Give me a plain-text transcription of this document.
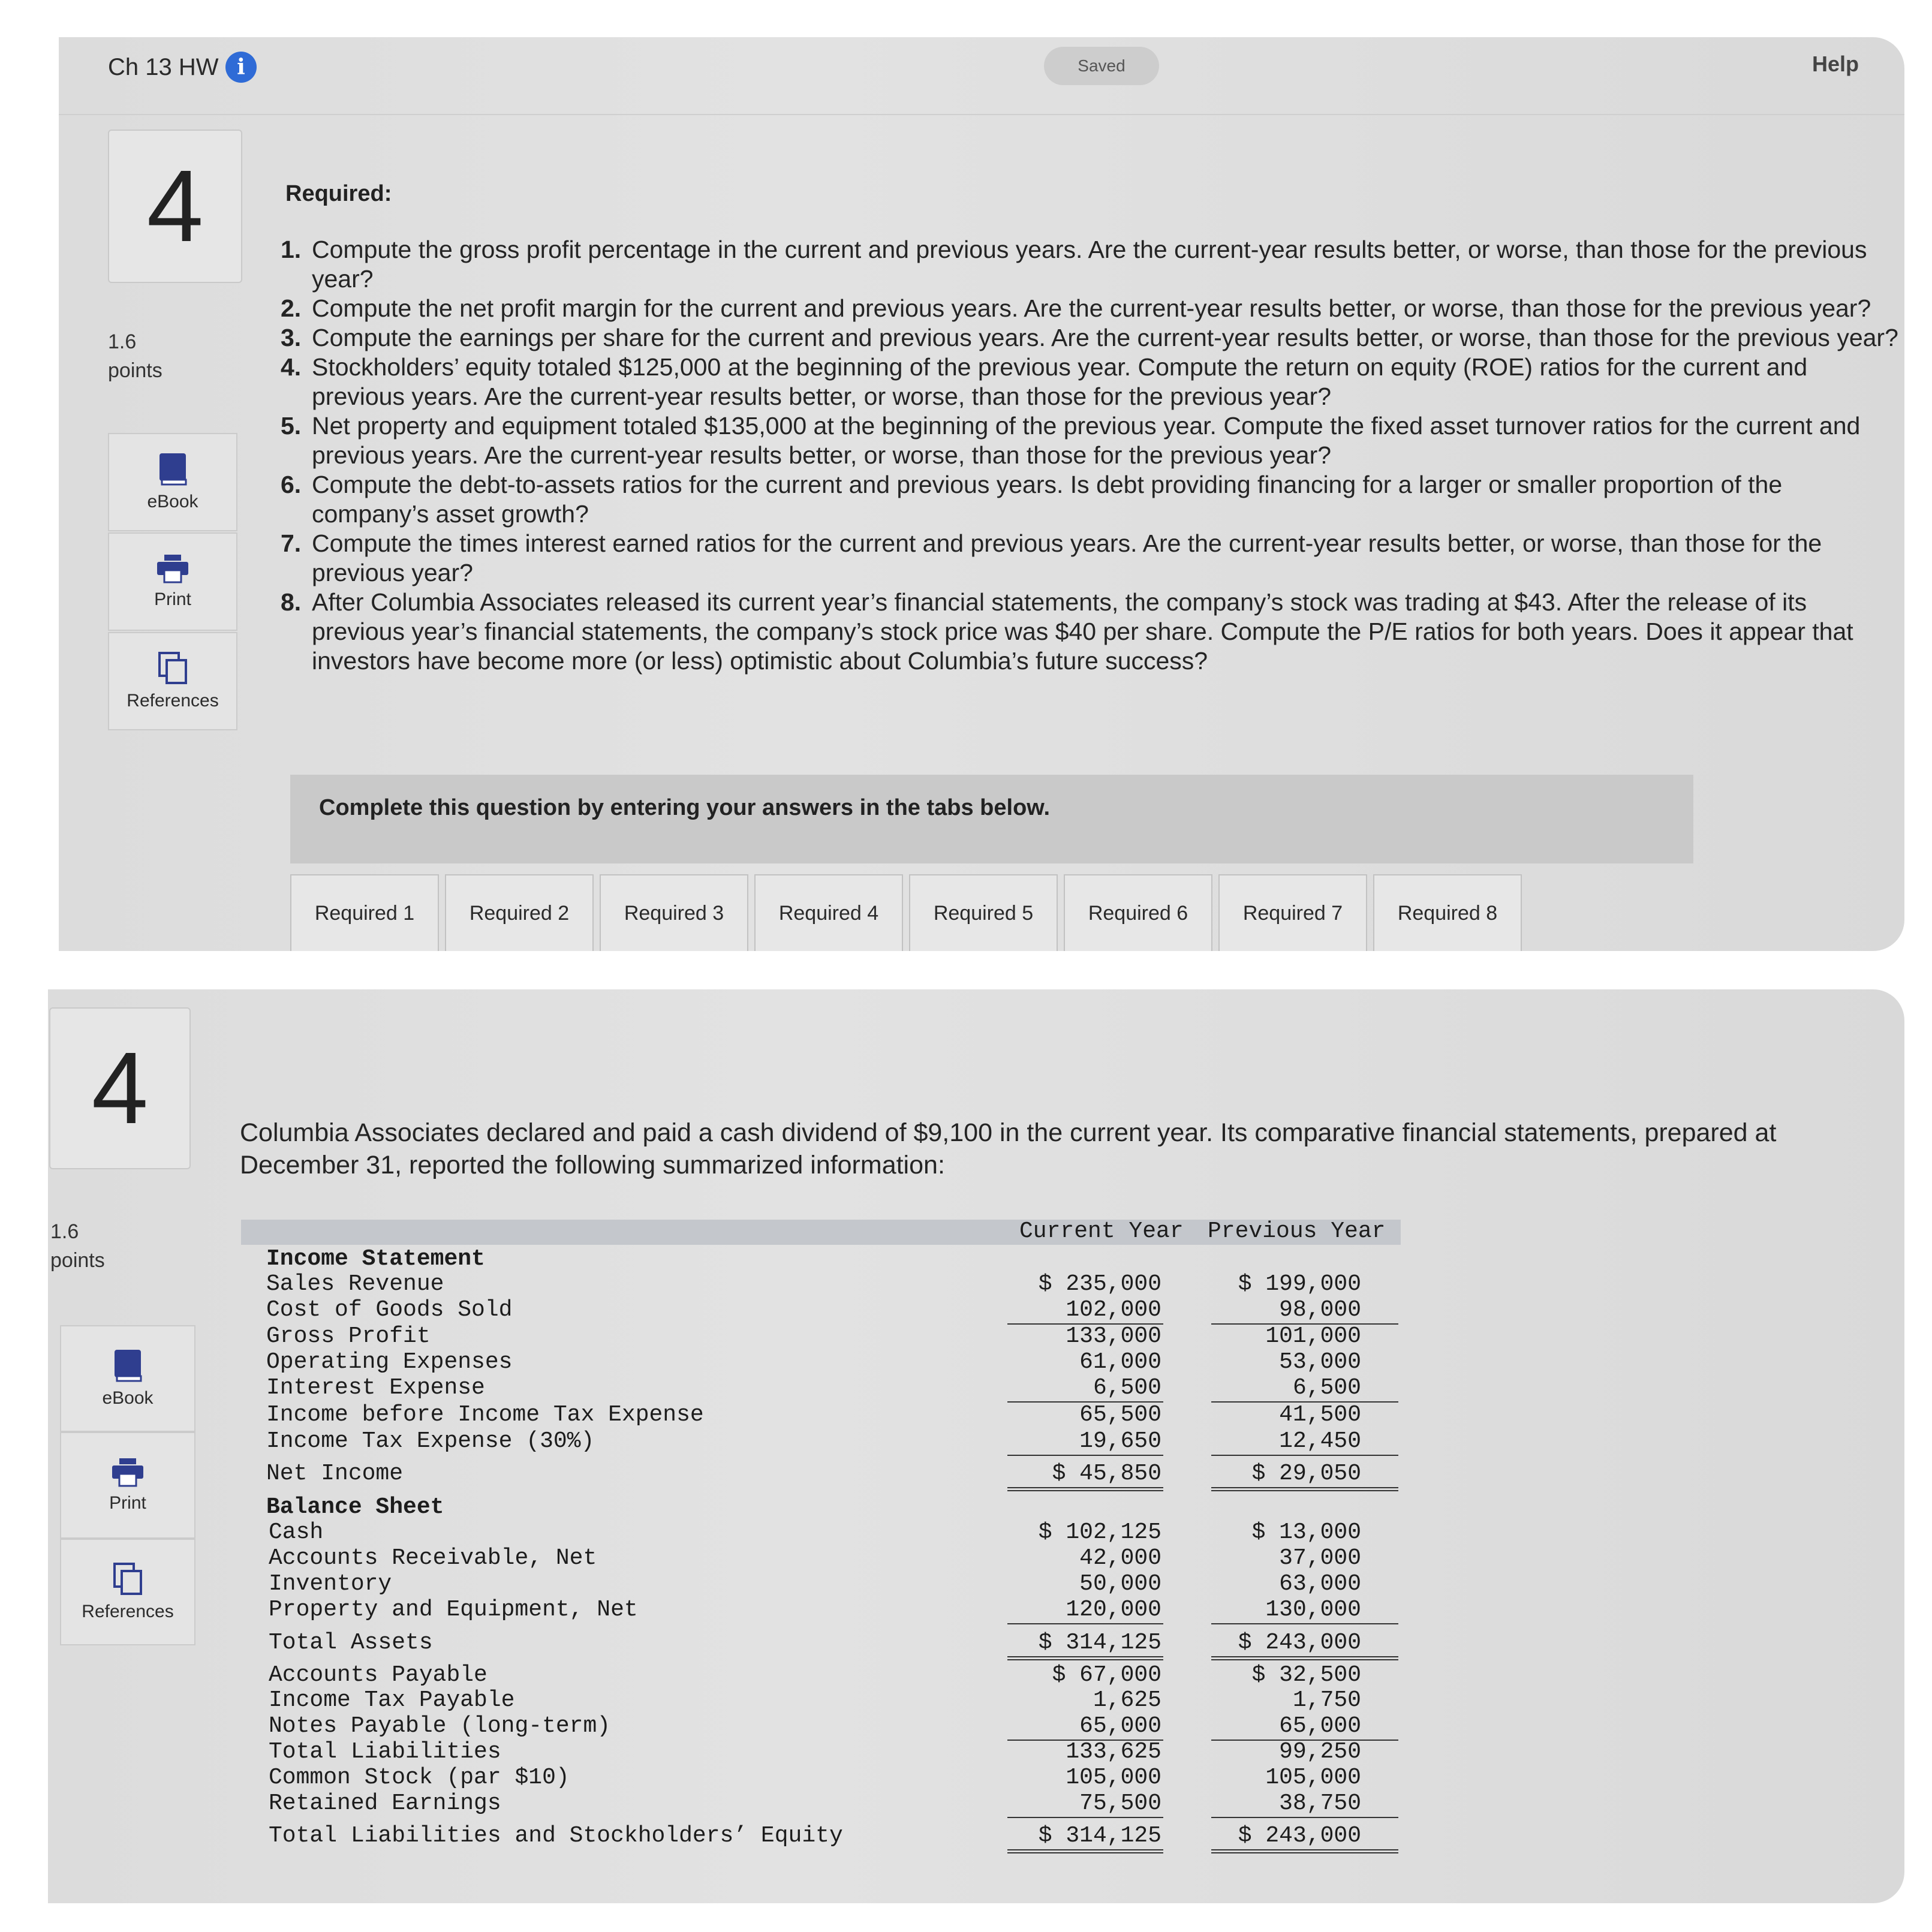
Ch 13 HW i	Saved	Help
4
1.6
points
eBook
Print
References
Required:
1. Compute the gross profit percentage in the current and previous years. Are the current-year results better, or worse, than those for the previous year?
2. Compute the net profit margin for the current and previous years. Are the current-year results better, or worse, than those for the previous year?
3. Compute the earnings per share for the current and previous years. Are the current-year results better, or worse, than those for the previous year?
4. Stockholders’ equity totaled $125,000 at the beginning of the previous year. Compute the return on equity (ROE) ratios for the current and previous years. Are the current-year results better, or worse, than those for the previous year?
5. Net property and equipment totaled $135,000 at the beginning of the previous year. Compute the fixed asset turnover ratios for the current and previous years. Are the current-year results better, or worse, than those for the previous year?
6. Compute the debt-to-assets ratios for the current and previous years. Is debt providing financing for a larger or smaller proportion of the company’s asset growth?
7. Compute the times interest earned ratios for the current and previous years. Are the current-year results better, or worse, than those for the previous year?
8. After Columbia Associates released its current year’s financial statements, the company’s stock was trading at $43. After the release of its previous year’s financial statements, the company’s stock price was $40 per share. Compute the P/E ratios for both years. Does it appear that investors have become more (or less) optimistic about Columbia’s future success?
Complete this question by entering your answers in the tabs below.
Required 1	Required 2	Required 3	Required 4	Required 5	Required 6	Required 7	Required 8
4
1.6
points
eBook
Print
References
Columbia Associates declared and paid a cash dividend of $9,100 in the current year. Its comparative financial statements, prepared at December 31, reported the following summarized information:
Current Year Previous Year
Income Statement
Sales Revenue	$ 235,000	$ 199,000
Cost of Goods Sold	102,000	98,000
Gross Profit	133,000	101,000
Operating Expenses	61,000	53,000
Interest Expense	6,500	6,500
Income before Income Tax Expense	65,500	41,500
Income Tax Expense (30%)	19,650	12,450
Net Income	$ 45,850	$ 29,050
Balance Sheet
Cash	$ 102,125	$ 13,000
Accounts Receivable, Net	42,000	37,000
Inventory	50,000	63,000
Property and Equipment, Net	120,000	130,000
Total Assets	$ 314,125	$ 243,000
Accounts Payable	$ 67,000	$ 32,500
Income Tax Payable	1,625	1,750
Notes Payable (long-term)	65,000	65,000
Total Liabilities	133,625	99,250
Common Stock (par $10)	105,000	105,000
Retained Earnings	75,500	38,750
Total Liabilities and Stockholders’ Equity	$ 314,125	$ 243,000
